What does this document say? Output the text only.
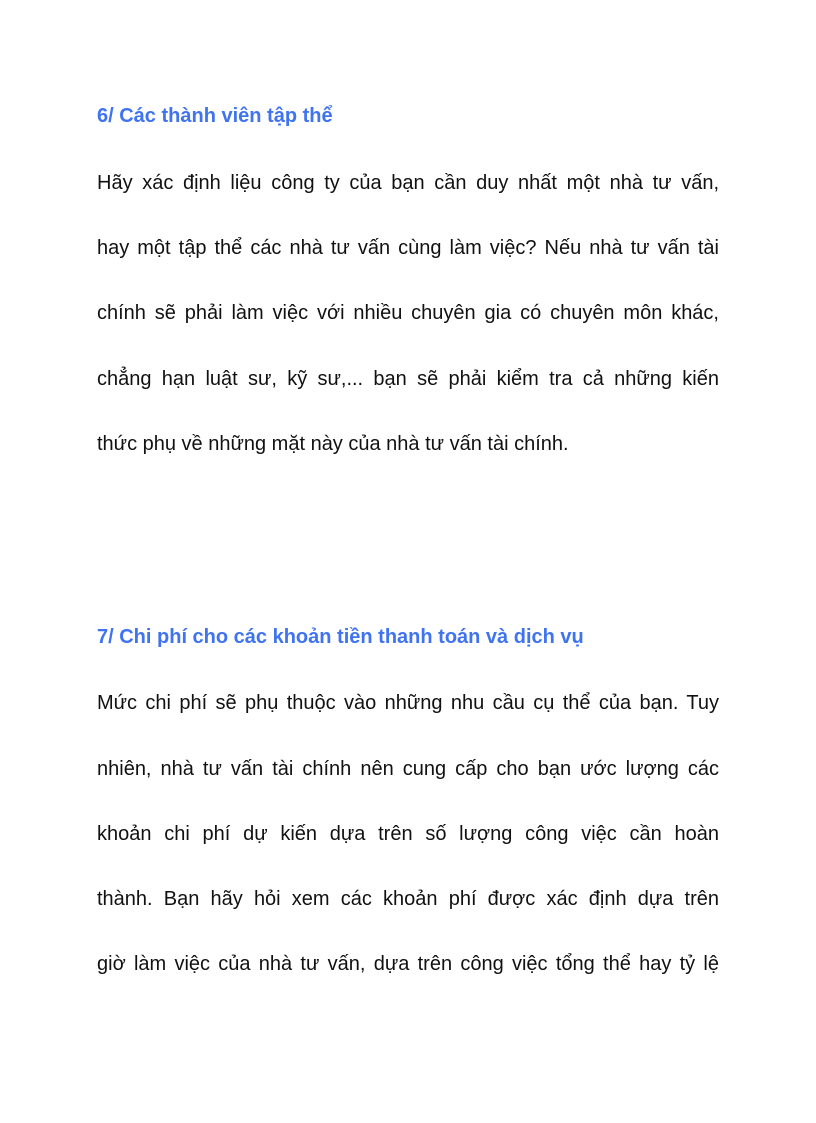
6/ Các thành viên tập thể

Hãy xác định liệu công ty của bạn cần duy nhất một nhà tư vấn,

hay một tập thể các nhà tư vấn cùng làm việc? Nếu nhà tư vấn tài

chính sẽ phải làm việc với nhiều chuyên gia có chuyên môn khác,

chẳng hạn luật sư, kỹ sư,... bạn sẽ phải kiểm tra cả những kiến

thức phụ về những mặt này của nhà tư vấn tài chính.

7/ Chi phí cho các khoản tiền thanh toán và dịch vụ

Mức chi phí sẽ phụ thuộc vào những nhu cầu cụ thể của bạn. Tuy

nhiên, nhà tư vấn tài chính nên cung cấp cho bạn ước lượng các

khoản chi phí dự kiến dựa trên số lượng công việc cần hoàn

thành. Bạn hãy hỏi xem các khoản phí được xác định dựa trên

giờ làm việc của nhà tư vấn, dựa trên công việc tổng thể hay tỷ lệ
